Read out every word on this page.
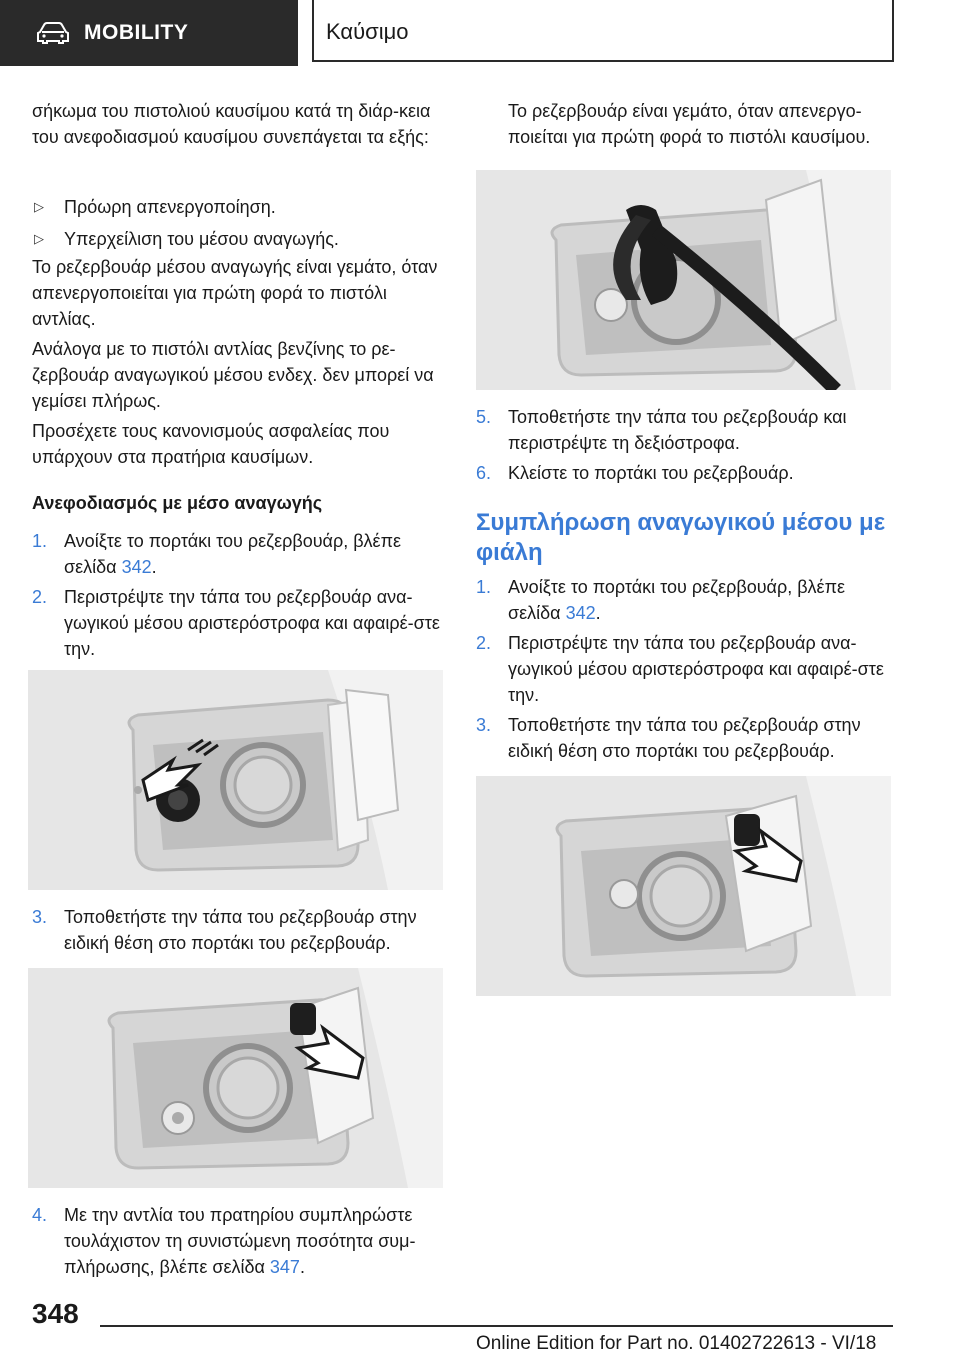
MOBILITY	Καύσιμο

σήκωμα του πιστολιού καυσίμου κατά τη διάρ-κεια του ανεφοδιασμού καυσίμου συνεπάγεται τα εξής:

▷ Πρόωρη απενεργοποίηση.
▷ Υπερχείλιση του μέσου αναγωγής.

Το ρεζερβουάρ μέσου αναγωγής είναι γεμάτο, όταν απενεργοποιείται για πρώτη φορά το πιστόλι αντλίας.

Ανάλογα με το πιστόλι αντλίας βενζίνης το ρε-ζερβουάρ αναγωγικού μέσου ενδεχ. δεν μπορεί να γεμίσει πλήρως.

Προσέχετε τους κανονισμούς ασφαλείας που υπάρχουν στα πρατήρια καυσίμων.

Ανεφοδιασμός με μέσο αναγωγής
1. Ανοίξτε το πορτάκι του ρεζερβουάρ, βλέπε σελίδα 342.
2. Περιστρέψτε την τάπα του ρεζερβουάρ ανα-γωγικού μέσου αριστερόστροφα και αφαιρέ-στε την.
3. Τοποθετήστε την τάπα του ρεζερβουάρ στην ειδική θέση στο πορτάκι του ρεζερβουάρ.
4. Με την αντλία του πρατηρίου συμπληρώστε τουλάχιστον τη συνιστώμενη ποσότητα συμ-πλήρωσης, βλέπε σελίδα 347.

Το ρεζερβουάρ είναι γεμάτο, όταν απενεργο-ποιείται για πρώτη φορά το πιστόλι καυσίμου.

5. Τοποθετήστε την τάπα του ρεζερβουάρ και περιστρέψτε τη δεξιόστροφα.
6. Κλείστε το πορτάκι του ρεζερβουάρ.
Συμπλήρωση αναγωγικού μέσου με φιάλη
1. Ανοίξτε το πορτάκι του ρεζερβουάρ, βλέπε σελίδα 342.
2. Περιστρέψτε την τάπα του ρεζερβουάρ ανα-γωγικού μέσου αριστερόστροφα και αφαιρέ-στε την.
3. Τοποθετήστε την τάπα του ρεζερβουάρ στην ειδική θέση στο πορτάκι του ρεζερβουάρ.
348
Online Edition for Part no. 01402722613 - VI/18
